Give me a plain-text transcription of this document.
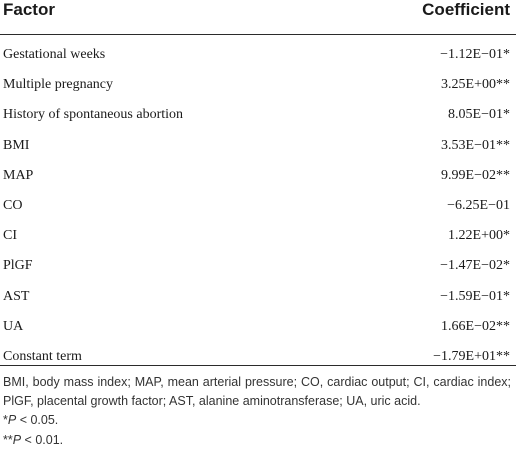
Factor	Coefficient
Gestational weeks	−1.12E−01*
Multiple pregnancy	3.25E+00**
History of spontaneous abortion	8.05E−01*
BMI	3.53E−01**
MAP	9.99E−02**
CO	−6.25E−01
CI	1.22E+00*
PlGF	−1.47E−02*
AST	−1.59E−01*
UA	1.66E−02**
Constant term	−1.79E+01**
BMI, body mass index; MAP, mean arterial pressure; CO, cardiac output; CI, cardiac index; PlGF, placental growth factor; AST, alanine aminotransferase; UA, uric acid.
*P < 0.05.
**P < 0.01.
